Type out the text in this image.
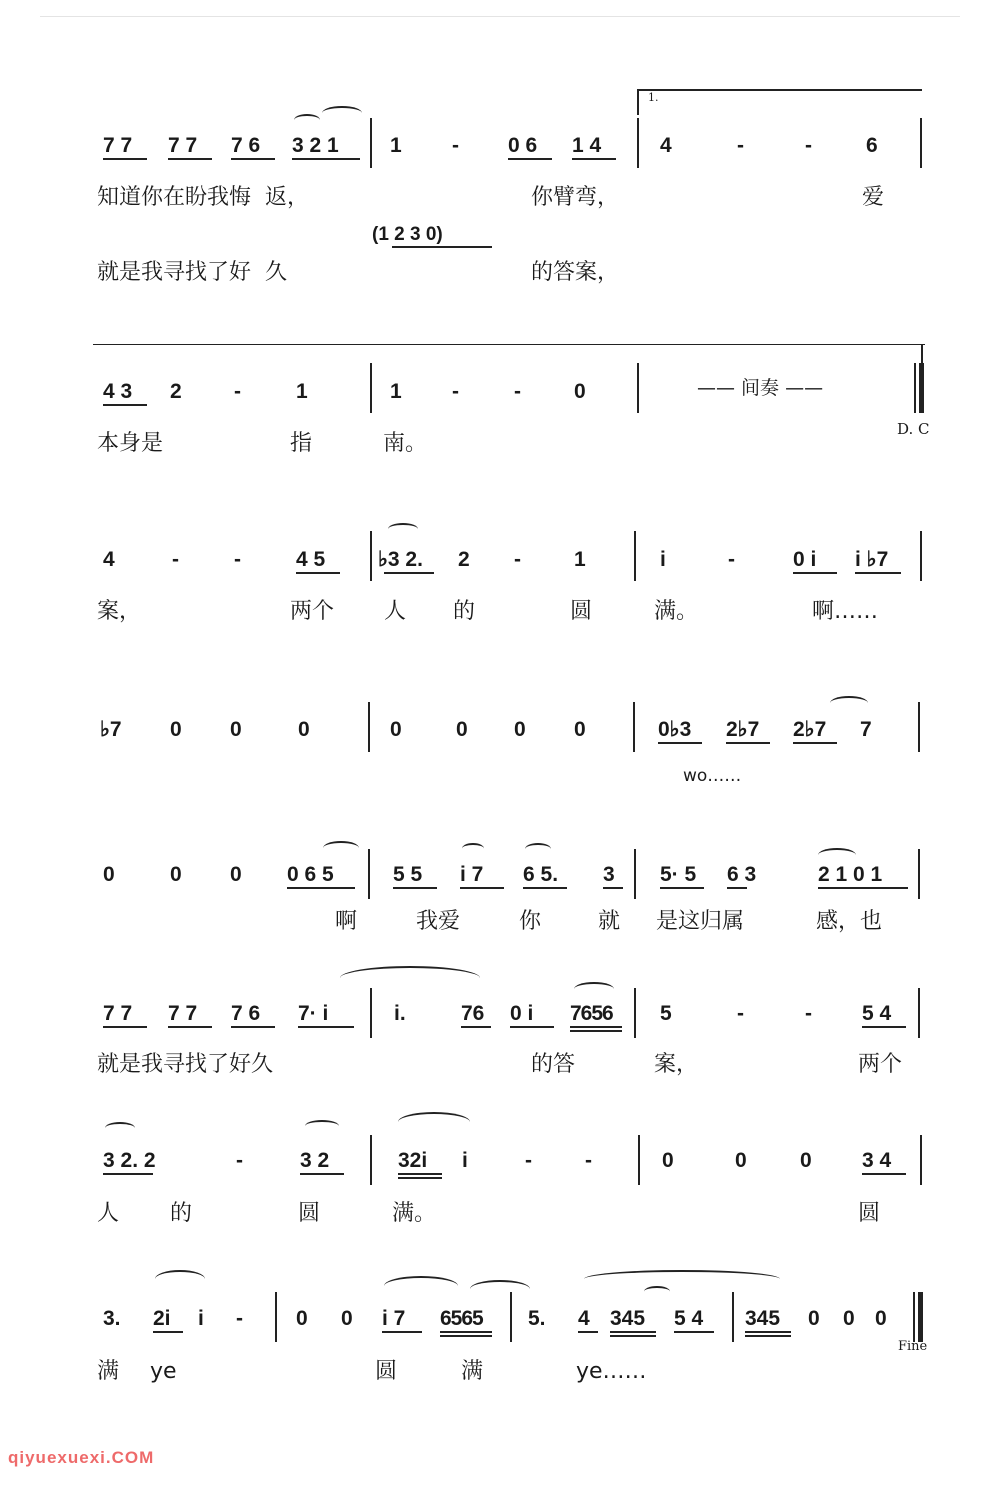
1.
7 7 7 7 7 6 3 2 1 1 - 0 6 1 4	4	-	-	6
知道你在盼我悔  返，	你臂弯，	爱
(1 2 3 0)
就是我寻找了好  久	的答案，
4 3 2 -	1	1 -	-	0	—— 间奏 ——
D. C
本身是	指	南。
4	-	-	4 5	♭3 2. 2 -	1	i	-	0 i i ♭7
案，	两个 人 的	圆	满。	啊……
♭7 0 0	0	0	0 0 0	0♭3 2♭7 2♭7 7
wo……
0	0 0 0 6 5	5 5 i 7 6 5. 3 5· 5 6 3	2 1 0 1
啊	我爱	你	就 是这归属	感，也
7 7 7 7 7 6 7· i	i.	76 0 i 7656 5	-	- 5 4
就是我寻找了好久	的答	案，	两个
3 2. 2	-	3 2	32i i	-	-	0	0	0 3 4
人 的	圆	满。	圆
3. 2i i -	0 0 i 7 6565 5. 4 345 5 4 345 0 0 0
Fine
满 ye	圆	满	ye……
qiyuexuexi.COM
